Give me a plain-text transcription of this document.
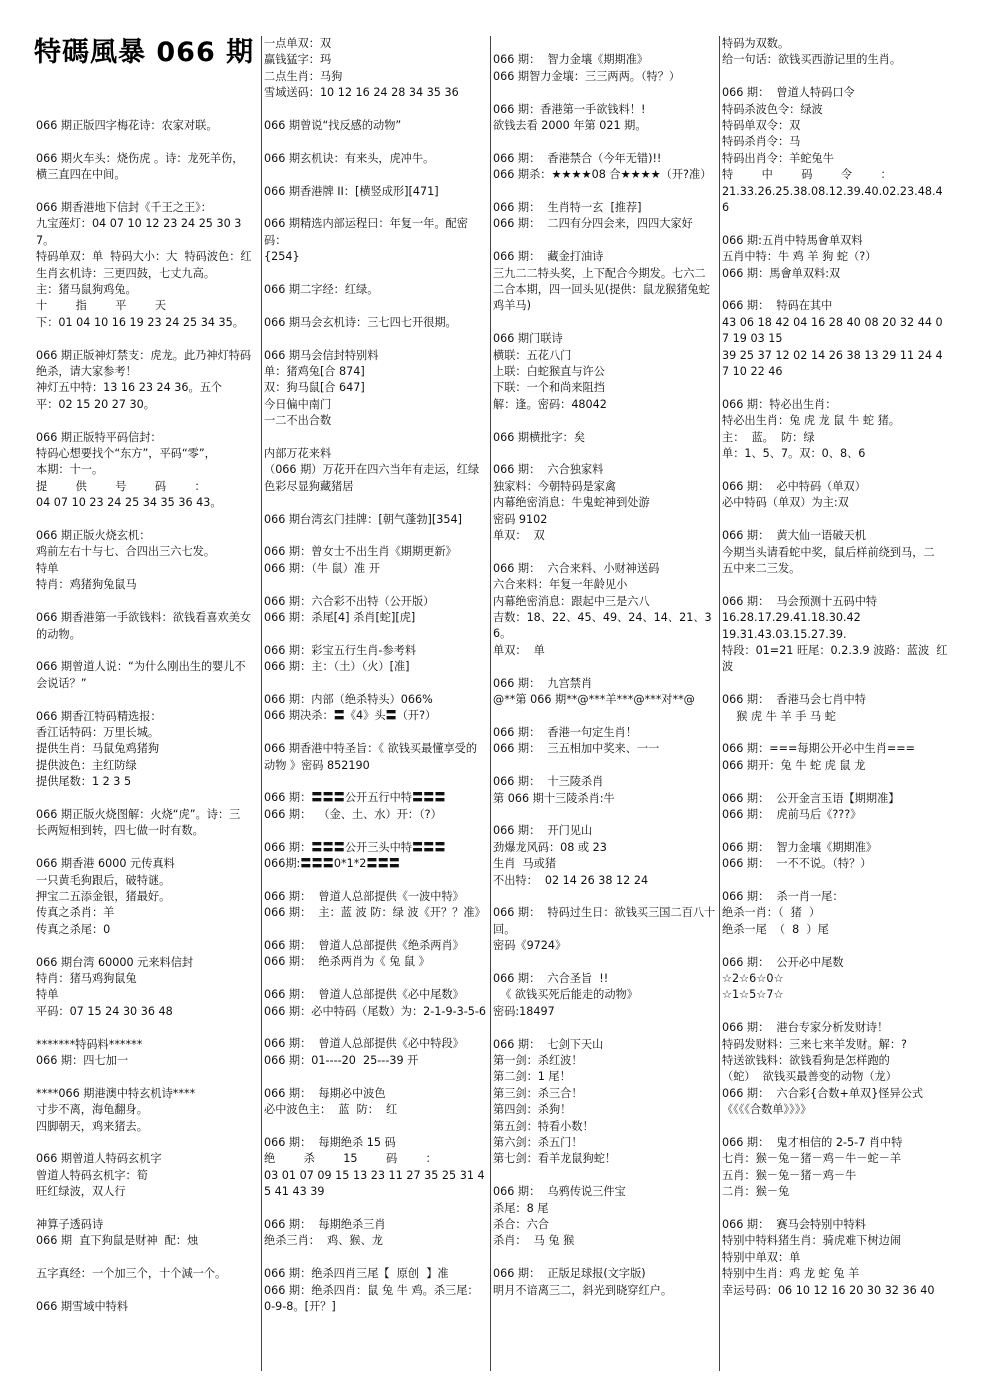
特碼風暴 066 期
066 期正版四字梅花诗：农家对联。
066 期火车头：烧伤虎 。诗：龙死羊伤，
横三直四在中间。
066 期香港地下信封《千王之王》：
九宝莲灯：04 07 10 12 23 24 25 30 37。
特码单双：单  特码大小：大  特码波色：红
生肖玄机诗：三更四鼓，七丈九高。
主：猪马鼠狗鸡兔。
十        指        平        天
下：01 04 10 16 19 23 24 25 34 35。
066 期正版神灯禁支：虎龙。此乃神灯特码
绝杀，请大家参考！
神灯五中特：13 16 23 24 36。五个
平：02 15 20 27 30。
066 期正版特平码信封：
特码心想要找个“东方”，平码“零”，
本期：十一。
提        供        号        码        ：
04 07 10 23 24 25 34 35 36 43。
066 期正版火烧玄机：
鸡前左右十与七、合四出三六七发。
特单
特肖：鸡猪狗兔鼠马
066 期香港第一手欲钱料：欲钱看喜欢美女
的动物。
066 期曾道人说：“为什么刚出生的婴儿不
会说话？”
066 期香江特码精选报：
香江话特码：万里长城。
提供生肖：马鼠兔鸡猪狗
提供波色：主红防绿
提供尾数：1 2 3 5
066 期正版火烧图解：火烧“虎”。诗：三
长两短相到转，四七做一时有数。
066 期香港 6000 元传真料
一只黄毛狗跟后，破特谜。
押宝二五添金银，猪最好。
传真之杀肖：羊
传真之杀尾：0
066 期台湾 60000 元来料信封
特肖：猪马鸡狗鼠兔
特单
平码：07 15 24 30 36 48
*******特码料******
066 期：四七加一
****066 期港澳中特玄机诗****
寸步不离，海龟翻身。
四脚朝天，鸡来猪去。
066 期曾道人特码玄机字
曾道人特码玄机字：筍
旺红绿波，双人行
神算子透码诗
066 期  直下狗鼠是财神  配：烛
五字真经：一个加三个，十个減一个。
066 期雪域中特料
一点单双：双
赢钱猛字：玛
二点生肖：马狗
雪域送码：10 12 16 24 28 34 35 36
066 期曾说“找反感的动物”
066 期玄机诀：有来头，虎冲牛。
066 期香港牌 II：[横竖成形][471]
066 期精选内部运程曰：年复一年。配密码：
{254}
066 期二字经：红绿。
066 期马会玄机诗：三七四七开很期。
066 期马会信封特别料
单：猪鸡兔[合 874]
双：狗马鼠[合 647]
今日偏中南门
一二不出合数
内部万花来料
（066 期）万花开在四六当年有走运，红绿
色彩尽显狗藏猪居
066 期台湾玄门挂牌：[朝气蓬勃][354]
066 期：曾女士不出生肖《期期更新》
066 期：（牛 鼠）准 开
066 期：六合彩不出特（公开版）
066 期：杀尾[4] 杀肖[蛇][虎]
066 期：彩宝五行生肖-参考料
066 期：主：（土）（火）[准]
066 期：内部（绝杀特头）066%
066 期决杀：〓《4》头〓（开?）
066 期香港中特圣旨：《 欲钱买最懂享受的
动物 》密码 852190
066 期：〓〓〓公开五行中特〓〓〓
066 期：  （金、土、水）开：（?）
066 期：〓〓〓公开三头中特〓〓〓
066期:〓〓〓0*1*2〓〓〓
066 期：  曾道人总部提供《一波中特》
066 期：  主：蓝 波 防：绿 波《开？？准》
066 期：  曾道人总部提供《绝杀两肖》
066 期：  绝杀两肖为《 兔 鼠 》
066 期：  曾道人总部提供《必中尾数》
066 期：必中特码（尾数）为：2-1-9-3-5-6
066 期：  曾道人总部提供《必中特段》
066 期：01----20  25---39 开
066 期：  每期必中波色
必中波色主：  蓝  防：  红
066 期：  每期绝杀 15 码
绝        杀        15        码        ：
03 01 07 09 15 13 23 11 27 35 25 31 4
5 41 43 39
066 期：  每期绝杀三肖
绝杀三肖：  鸡、猴、龙
066 期：绝杀四肖三尾【  原创  】准
066 期：绝杀四肖：鼠 兔 牛 鸡。杀三尾：
0-9-8。[开？]
066 期：  智力金壤《期期准》
066 期智力金壤：三三两两。（特？）
066 期：香港第一手欲钱料！!
欲钱去看 2000 年第 021 期。
066 期：  香港禁合（今年无错)!!
066 期杀：★★★★08 合★★★★（开?准）
066 期：  生肖特一玄  [推荐]
066 期：  二四有分四会来，四四大家好
066 期：  藏金打油诗
三九二二特头奖，上下配合今期发。七六二
二合本期，四一回头见(提供：鼠龙猴猪兔蛇
鸡羊马)
066 期门联诗
横联：五花八门
上联：白蛇猴直与许公
下联：一个和尚来阻挡
解：逢。密码：48042
066 期横批字：矣
066 期：  六合独家料
独家料：今朝特码是家禽
内幕绝密消息：牛鬼蛇神到处游
密码 9102
单双：  双
066 期：  六合来料、小财神送码
六合来料：年复一年龄见小
内幕绝密消息：跟起中三是六八
吉数：18、22、45、49、24、14、21、36。
单双：  单
066 期：  九宫禁肖
@**第 066 期**@***羊***@***对**@
066 期：  香港一句定生肖！
066 期：  三五相加中奖来、一一
066 期：  十三陵杀肖
第 066 期十三陵杀肖:牛
066 期：  开门见山
劲爆龙风码：08 或 23
生肖  马或猪
不出特：  02 14 26 38 12 24
066 期：  特码过生日：欲钱买三国二百八十
回。
密码《9724》
066 期：  六合圣旨  !!
《 欲钱买死后能走的动物》
密码:18497
066 期：  七剑下天山
第一剑：杀红波！
第二剑：1 尾！
第三剑：杀三合！
第四剑：杀狗！
第五剑：特看小数！
第六剑：杀五门！
第七剑：看羊龙鼠狗蛇！
066 期：  乌鸦传说三件宝
杀尾：8 尾
杀合：六合
杀肖：  马 兔 猴
066 期：  正版足球报(文字版)
明月不谙离三二，斜光到晓穿红户。
特码为双数。
给一句话：欲钱买西游记里的生肖。
066 期：  曾道人特码口令
特码杀波色令：绿波
特码单双令：双
特码杀肖令：马
特码出肖令：羊蛇兔牛
特        中        码        令        ：
21.33.26.25.38.08.12.39.40.02.23.48.4
6
066 期:五肖中特馬會单双料
五肖中特：牛 鸡 羊 狗 蛇（?）
066 期：馬會单双料:双
066 期：  特码在其中
43 06 18 42 04 16 28 40 08 20 32 44 0
7 19 03 15
39 25 37 12 02 14 26 38 13 29 11 24 4
7 10 22 46
066 期：特必出生肖：
特必出生肖：兔 虎 龙 鼠 牛 蛇 猪。
主：  蓝。  防：绿
单：1、5、7。双：0、8、6
066 期：  必中特码（单双）
必中特码（单双）为主:双
066 期：  黄大仙一语破天机
今期当头请看蛇中奖，鼠后样前绕到马，二
五中来二三发。
066 期：  马会预测十五码中特
16.28.17.29.41.18.30.42
19.31.43.03.15.27.39.
特段：01=21 旺尾：0.2.3.9 波路：蓝波  红
波
066 期：  香港马会七肖中特
猴 虎 牛 羊 手 马 蛇
066 期：===每期公开必中生肖===
066 期开：兔 牛 蛇 虎 鼠 龙
066 期：  公开金言玉语【期期准】
066 期：  虎前马后《???》
066 期：  智力金壤《期期准》
066 期：  一不不说。（特？）
066 期：  杀一肖一尾：
绝杀一肖：（  猪  ）
绝杀一尾  （  8  ）尾
066 期：  公开必中尾数
☆2☆6☆0☆
☆1☆5☆7☆
066 期：  港台专家分析发财诗！
特码发财料：三来七来羊发财。解：?
特送欲钱料：欲钱看狗是怎样跑的
（蛇）  欲钱买最善变的动物（龙）
066 期：  六合彩{合数+单双}怪异公式
《《《《合数单》》》》
066 期：  鬼才相信的 2-5-7 肖中特
七肖：猴－兔－猪－鸡－牛－蛇－羊
五肖：猴－兔－猪－鸡－牛
二肖：猴－兔
066 期：  赛马会特别中特料
特别中特料猪生肖：骑虎难下树边闹
特别中单双：单
特别中生肖：鸡 龙 蛇 兔 羊
幸运号码：06 10 12 16 20 30 32 36 40
